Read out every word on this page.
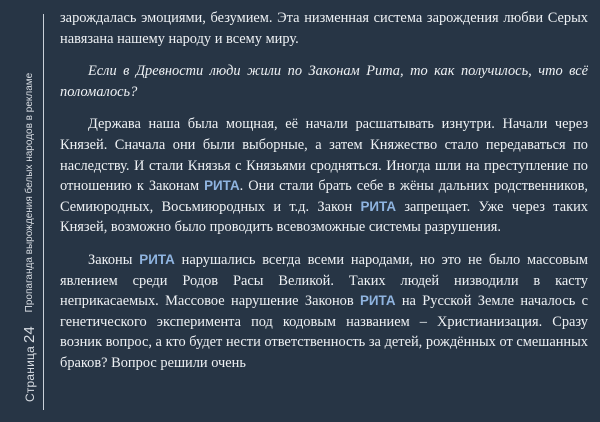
Страница
24
Пропаганда вырождения белых народов в рекламе

зарождалась эмоциями, безумием. Эта низменная система зарождения любви Серых навязана нашему народу и всему миру.

Если в Древности люди жили по Законам Рита, то как получилось, что всё поломалось?

Держава наша была мощная, её начали расшатывать изнутри. Начали через Князей. Сначала они были выборные, а затем Княжество стало передаваться по наследству. И стали Князья с Князьями сродняться. Иногда шли на преступление по отношению к Законам РИТА. Они стали брать себе в жёны дальних родственников, Семиюродных, Восьмиюродных и т.д. Закон РИТА запрещает. Уже через таких Князей, возможно было проводить всевозможные системы разрушения.

Законы РИТА нарушались всегда всеми народами, но это не было массовым явлением среди Родов Расы Великой. Таких людей низводили в касту неприкасаемых. Массовое нарушение Законов РИТА на Русской Земле началось с генетического эксперимента под кодовым названием – Христианизация. Сразу возник вопрос, а кто будет нести ответственность за детей, рождённых от смешанных браков? Вопрос решили очень
